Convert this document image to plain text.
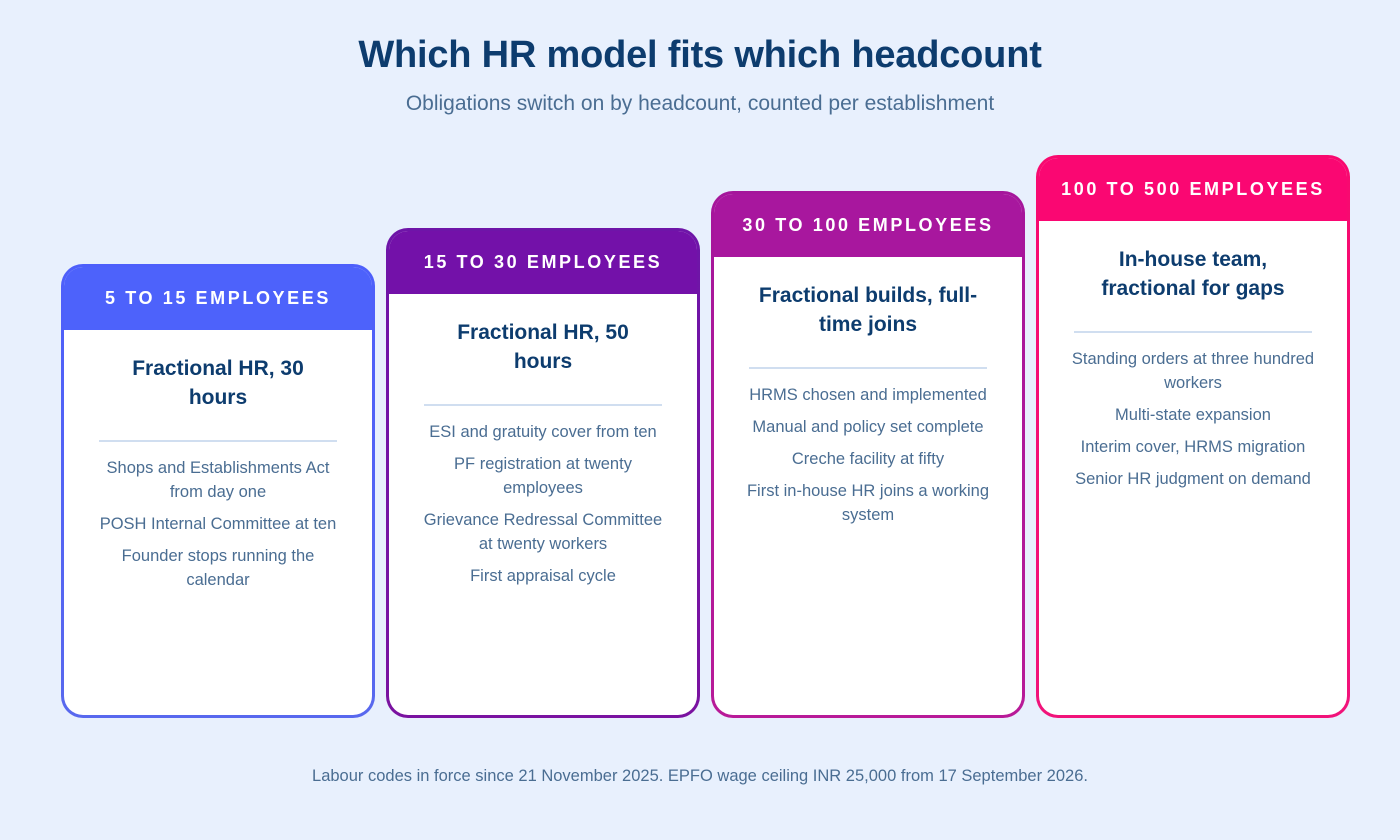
Which HR model fits which headcount
Obligations switch on by headcount, counted per establishment
5 TO 15 EMPLOYEES
Fractional HR, 30 hours
Shops and Establishments Act from day one
POSH Internal Committee at ten
Founder stops running the calendar
15 TO 30 EMPLOYEES
Fractional HR, 50 hours
ESI and gratuity cover from ten
PF registration at twenty employees
Grievance Redressal Committee at twenty workers
First appraisal cycle
30 TO 100 EMPLOYEES
Fractional builds, full-time joins
HRMS chosen and implemented
Manual and policy set complete
Creche facility at fifty
First in-house HR joins a working system
100 TO 500 EMPLOYEES
In-house team, fractional for gaps
Standing orders at three hundred workers
Multi-state expansion
Interim cover, HRMS migration
Senior HR judgment on demand
Labour codes in force since 21 November 2025. EPFO wage ceiling INR 25,000 from 17 September 2026.
